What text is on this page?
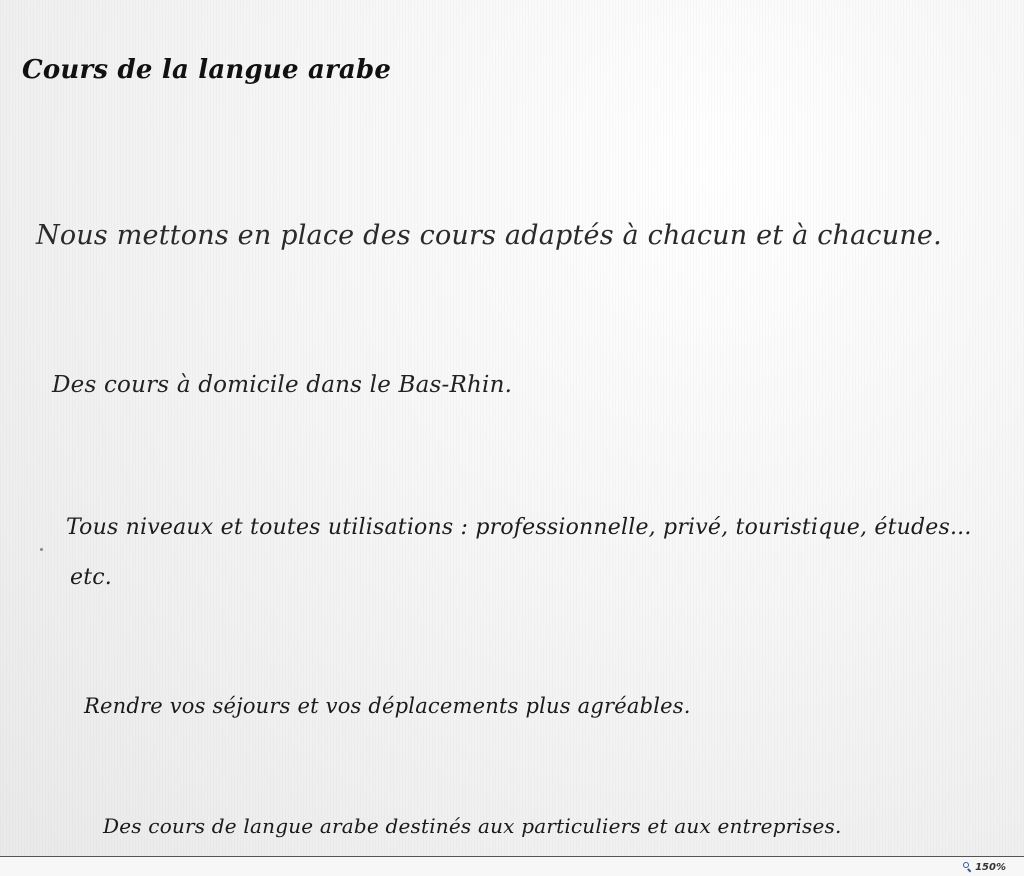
Cours de la langue arabe
Nous mettons en place des cours adaptés à chacun et à chacune.
Des cours à domicile dans le Bas-Rhin.
Tous niveaux et toutes utilisations : professionnelle, privé, touristique, études...
etc.
Rendre vos séjours et vos déplacements plus agréables.
Des cours de langue arabe destinés aux particuliers et aux entreprises.
150%
